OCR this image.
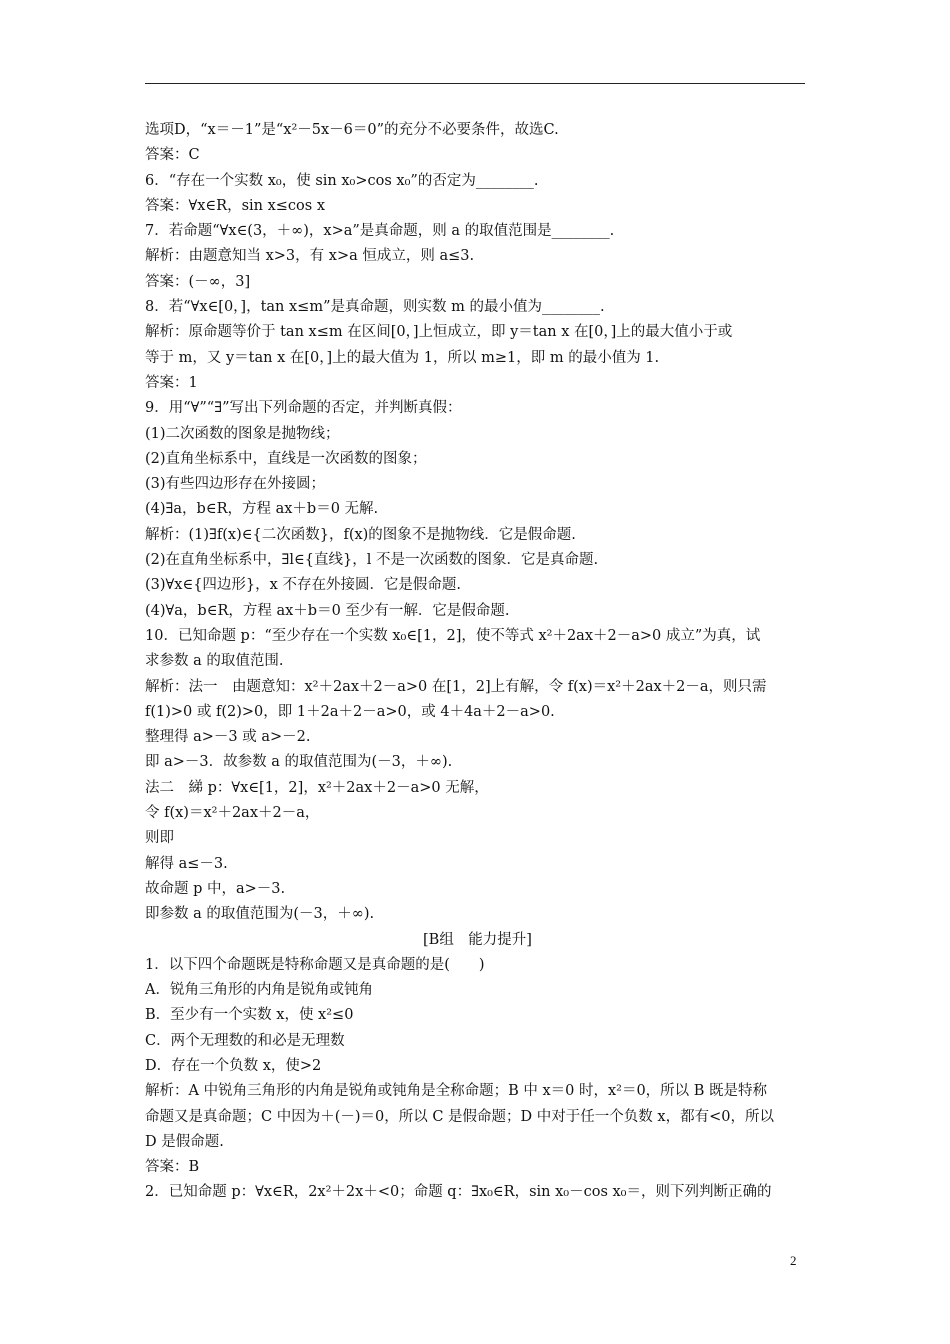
选项D，“x＝－1”是“x²－5x－6＝0”的充分不必要条件，故选C.
答案：C
6．“存在一个实数 x₀，使 sin x₀>cos x₀”的否定为________.
答案：∀x∈R，sin x≤cos x
7．若命题“∀x∈(3，＋∞)，x>a”是真命题，则 a 的取值范围是________.
解析：由题意知当 x>3，有 x>a 恒成立，则 a≤3.
答案：(－∞，3]
8．若“∀x∈[0，]，tan x≤m”是真命题，则实数 m 的最小值为________.
解析：原命题等价于 tan x≤m 在区间[0，]上恒成立，即 y＝tan x 在[0，]上的最大值小于或
等于 m，又 y＝tan x 在[0，]上的最大值为 1，所以 m≥1，即 m 的最小值为 1.
答案：1
9．用“∀”“∃”写出下列命题的否定，并判断真假：
(1)二次函数的图象是抛物线；
(2)直角坐标系中，直线是一次函数的图象；
(3)有些四边形存在外接圆；
(4)∃a，b∈R，方程 ax＋b＝0 无解.
解析：(1)∃f(x)∈{二次函数}，f(x)的图象不是抛物线．它是假命题.
(2)在直角坐标系中，∃l∈{直线}，l 不是一次函数的图象．它是真命题.
(3)∀x∈{四边形}，x 不存在外接圆．它是假命题.
(4)∀a，b∈R，方程 ax＋b＝0 至少有一解．它是假命题.
10．已知命题 p：“至少存在一个实数 x₀∈[1，2]，使不等式 x²＋2ax＋2－a>0 成立”为真，试
求参数 a 的取值范围.
解析：法一　由题意知：x²＋2ax＋2－a>0 在[1，2]上有解，令 f(x)＝x²＋2ax＋2－a，则只需
f(1)>0 或 f(2)>0，即 1＋2a＋2－a>0，或 4＋4a＋2－a>0.
整理得 a>－3 或 a>－2.
即 a>－3．故参数 a 的取值范围为(－3，＋∞).
法二　綈 p：∀x∈[1，2]，x²＋2ax＋2－a>0 无解，
令 f(x)＝x²＋2ax＋2－a，
则即
解得 a≤－3.
故命题 p 中，a>－3.
即参数 a 的取值范围为(－3，＋∞).
[B组　能力提升]
1．以下四个命题既是特称命题又是真命题的是(　　)
A．锐角三角形的内角是锐角或钝角
B．至少有一个实数 x，使 x²≤0
C．两个无理数的和必是无理数
D．存在一个负数 x，使>2
解析：A 中锐角三角形的内角是锐角或钝角是全称命题；B 中 x＝0 时，x²＝0，所以 B 既是特称
命题又是真命题；C 中因为＋(－)＝0，所以 C 是假命题；D 中对于任一个负数 x，都有<0，所以
D 是假命题.
答案：B
2．已知命题 p：∀x∈R，2x²＋2x＋<0；命题 q：∃x₀∈R，sin x₀－cos x₀＝，则下列判断正确的
2
